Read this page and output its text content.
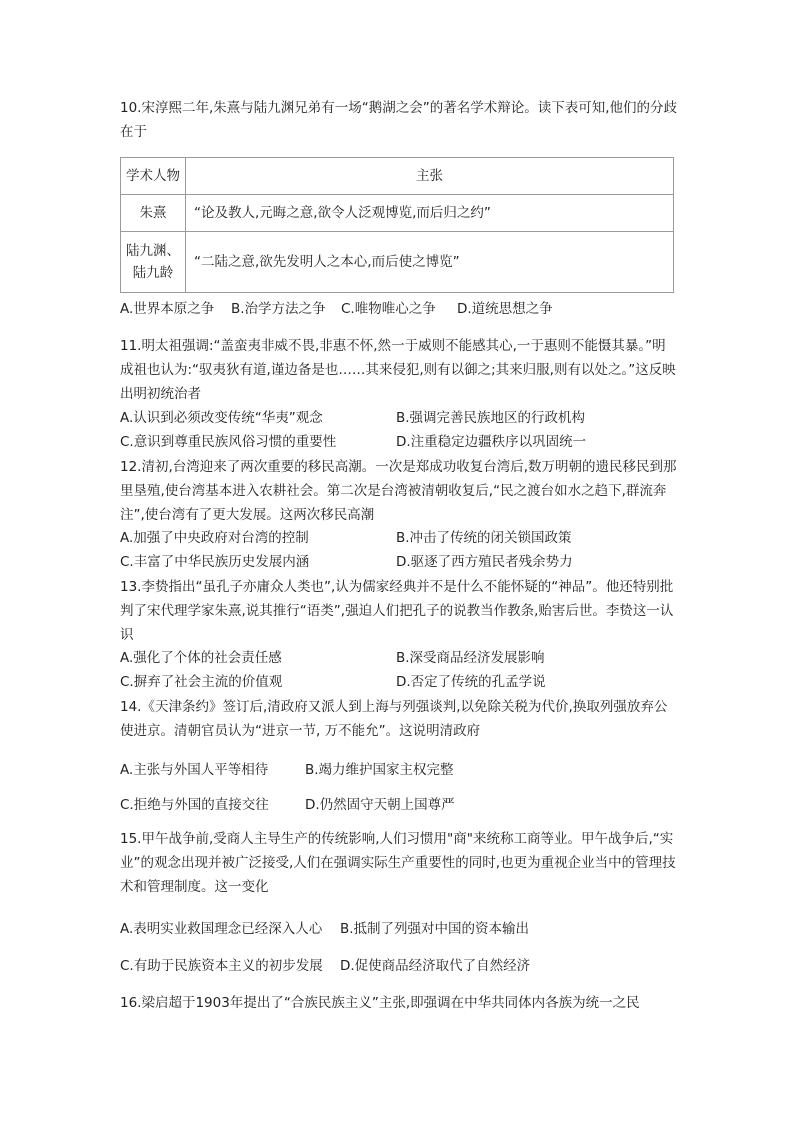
10.宋淳熙二年,朱熹与陆九渊兄弟有一场“鹅湖之会”的著名学术辩论。读下表可知,他们的分歧在于
学术人物	主张
朱熹	“论及教人,元晦之意,欲令人泛观博览,而后归之约”
陆九渊、陆九龄	“二陆之意,欲先发明人之本心,而后使之博览”
A.世界本原之争 B.治学方法之争 C.唯物唯心之争 D.道统思想之争
11.明太祖强调:“盖蛮夷非威不畏,非惠不怀,然一于威则不能感其心,一于惠则不能慑其暴。”明成祖也认为:“驭夷狄有道,谨边备是也……其来侵犯,则有以御之;其来归服,则有以处之。”这反映出明初统治者
A.认识到必须改变传统“华夷”观念	B.强调完善民族地区的行政机构
C.意识到尊重民族风俗习惯的重要性	D.注重稳定边疆秩序以巩固统一
12.清初,台湾迎来了两次重要的移民高潮。一次是郑成功收复台湾后,数万明朝的遗民移民到那里垦殖,使台湾基本进入农耕社会。第二次是台湾被清朝收复后,“民之渡台如水之趋下,群流奔注”,使台湾有了更大发展。这两次移民高潮
A.加强了中央政府对台湾的控制	B.冲击了传统的闭关锁国政策
C.丰富了中华民族历史发展内涵	D.驱逐了西方殖民者残余势力
13.李贽指出“虽孔子亦庸众人类也”,认为儒家经典并不是什么不能怀疑的“神品”。他还特别批判了宋代理学家朱熹,说其推行“语类”,强迫人们把孔子的说教当作教条,贻害后世。李贽这一认识
A.强化了个体的社会责任感	B.深受商品经济发展影响
C.摒弃了社会主流的价值观	D.否定了传统的孔孟学说
14.《天津条约》签订后,清政府又派人到上海与列强谈判,以免除关税为代价,换取列强放弃公使进京。清朝官员认为“进京一节, 万不能允”。这说明清政府
A.主张与外国人平等相待	B.竭力维护国家主权完整
C.拒绝与外国的直接交往	D.仍然固守天朝上国尊严
15.甲午战争前,受商人主导生产的传统影响,人们习惯用"商"来统称工商等业。甲午战争后,“实业”的观念出现并被广泛接受,人们在强调实际生产重要性的同时,也更为重视企业当中的管理技术和管理制度。这一变化
A.表明实业救国理念已经深入人心 B.抵制了列强对中国的资本输出
C.有助于民族资本主义的初步发展 D.促使商品经济取代了自然经济
16.梁启超于1903年提出了“合族民族主义”主张,即强调在中华共同体内各族为统一之民
